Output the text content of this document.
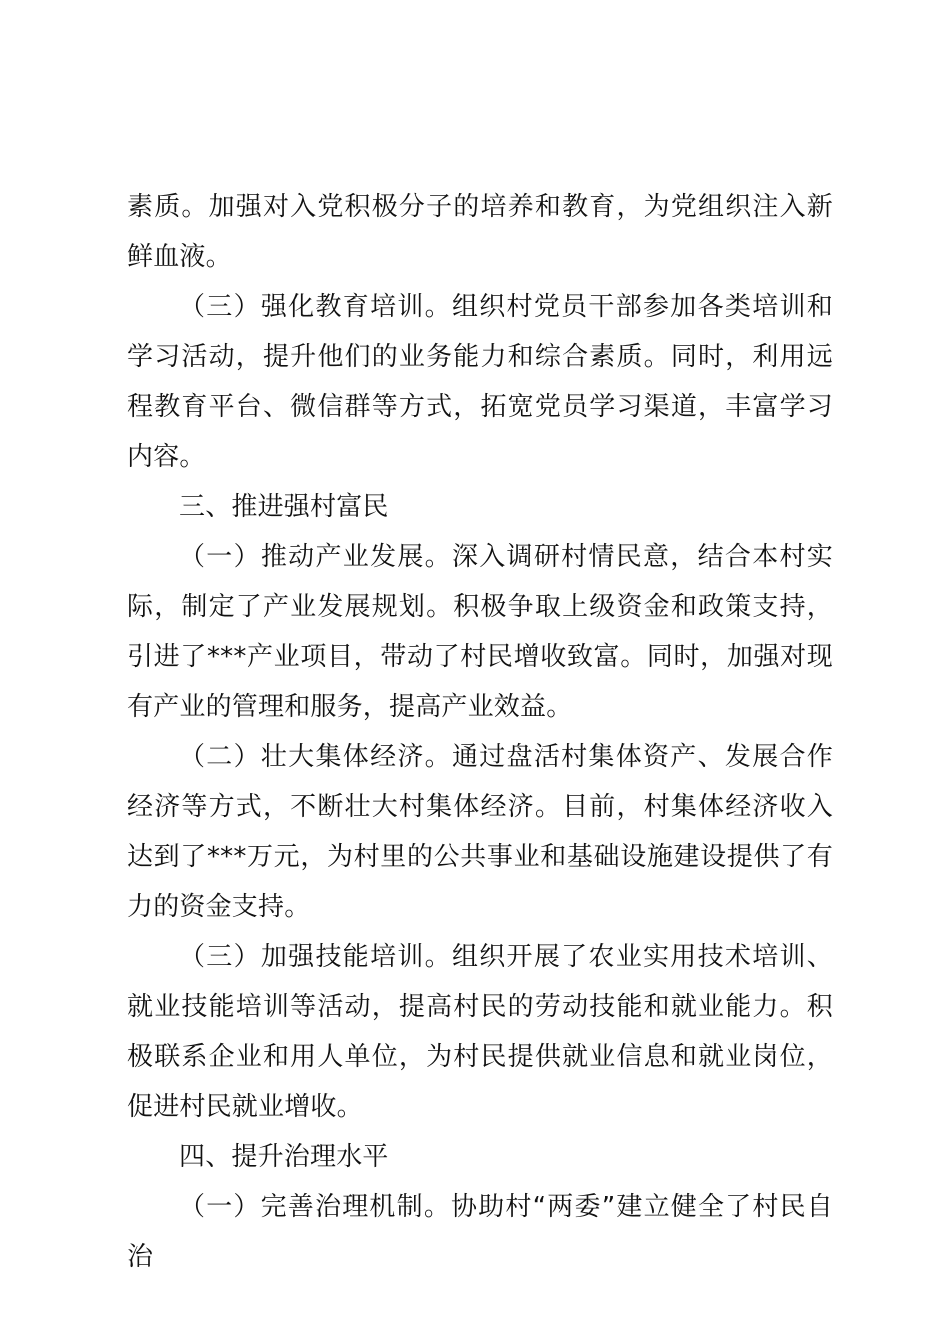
素质。加强对入党积极分子的培养和教育，为党组织注入新鲜血液。

（三）强化教育培训。组织村党员干部参加各类培训和学习活动，提升他们的业务能力和综合素质。同时，利用远程教育平台、微信群等方式，拓宽党员学习渠道，丰富学习内容。

三、推进强村富民

（一）推动产业发展。深入调研村情民意，结合本村实际，制定了产业发展规划。积极争取上级资金和政策支持，引进了***产业项目，带动了村民增收致富。同时，加强对现有产业的管理和服务，提高产业效益。

（二）壮大集体经济。通过盘活村集体资产、发展合作经济等方式，不断壮大村集体经济。目前，村集体经济收入达到了***万元，为村里的公共事业和基础设施建设提供了有力的资金支持。

（三）加强技能培训。组织开展了农业实用技术培训、就业技能培训等活动，提高村民的劳动技能和就业能力。积极联系企业和用人单位，为村民提供就业信息和就业岗位，促进村民就业增收。

四、提升治理水平

（一）完善治理机制。协助村“两委”建立健全了村民自治
